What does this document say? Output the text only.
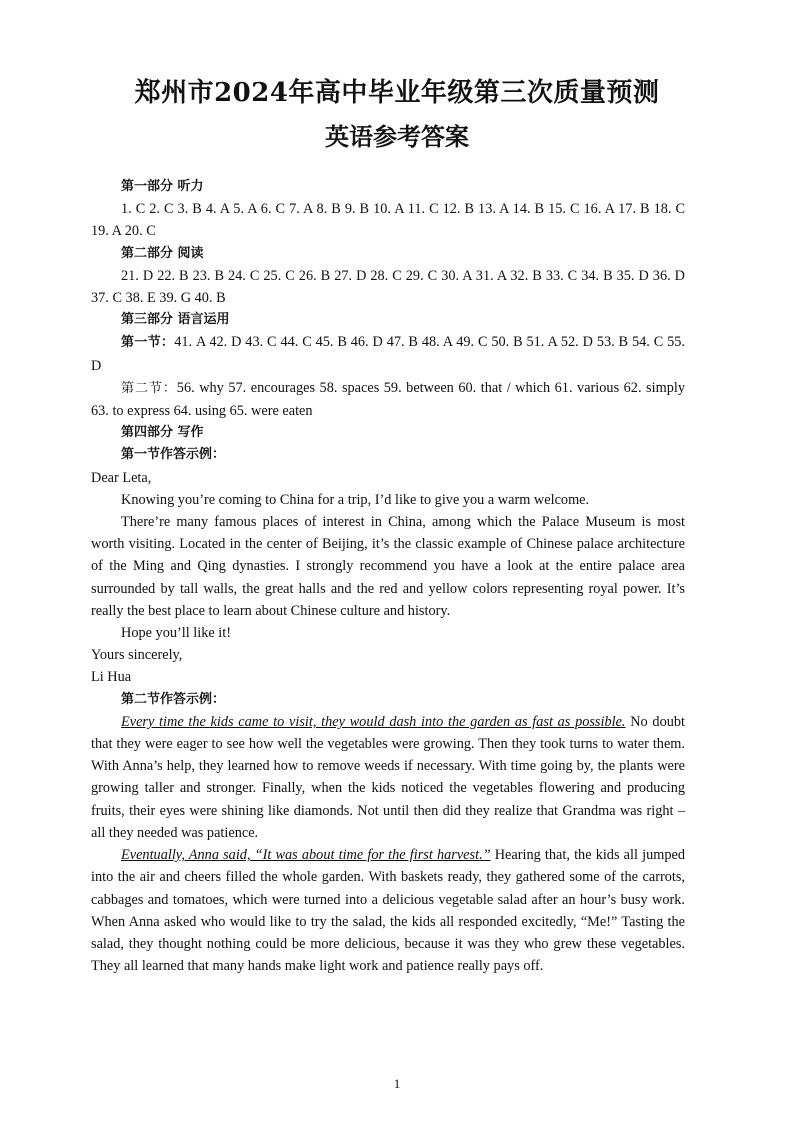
郑州市2024年高中毕业年级第三次质量预测
英语参考答案

第一部分 听力

1. C 2. C 3. B 4. A 5. A 6. C 7. A 8. B 9. B 10. A 11. C 12. B 13. A 14. B 15. C 16. A 17. B 18. C 19. A 20. C

第二部分 阅读

21. D 22. B 23. B 24. C 25. C 26. B 27. D 28. C 29. C 30. A 31. A 32. B 33. C 34. B 35. D 36. D 37. C 38. E 39. G 40. B

第三部分 语言运用

第一节：41. A 42. D 43. C 44. C 45. B 46. D 47. B 48. A 49. C 50. B 51. A 52. D 53. B 54. C 55. D

第二节：56. why 57. encourages 58. spaces 59. between 60. that / which 61. various 62. simply 63. to express 64. using 65. were eaten

第四部分 写作

第一节作答示例：

Dear Leta,

Knowing you’re coming to China for a trip, I’d like to give you a warm welcome.

There’re many famous places of interest in China, among which the Palace Museum is most worth visiting. Located in the center of Beijing, it’s the classic example of Chinese palace architecture of the Ming and Qing dynasties. I strongly recommend you have a look at the entire palace area surrounded by tall walls, the great halls and the red and yellow colors representing royal power. It’s really the best place to learn about Chinese culture and history.

Hope you’ll like it!

Yours sincerely,

Li Hua

第二节作答示例：

Every time the kids came to visit, they would dash into the garden as fast as possible. No doubt that they were eager to see how well the vegetables were growing. Then they took turns to water them. With Anna’s help, they learned how to remove weeds if necessary. With time going by, the plants were growing taller and stronger. Finally, when the kids noticed the vegetables flowering and producing fruits, their eyes were shining like diamonds. Not until then did they realize that Grandma was right – all they needed was patience.

Eventually, Anna said, “It was about time for the first harvest.” Hearing that, the kids all jumped into the air and cheers filled the whole garden. With baskets ready, they gathered some of the carrots, cabbages and tomatoes, which were turned into a delicious vegetable salad after an hour’s busy work. When Anna asked who would like to try the salad, the kids all responded excitedly, “Me!” Tasting the salad, they thought nothing could be more delicious, because it was they who grew these vegetables. They all learned that many hands make light work and patience really pays off.

1
